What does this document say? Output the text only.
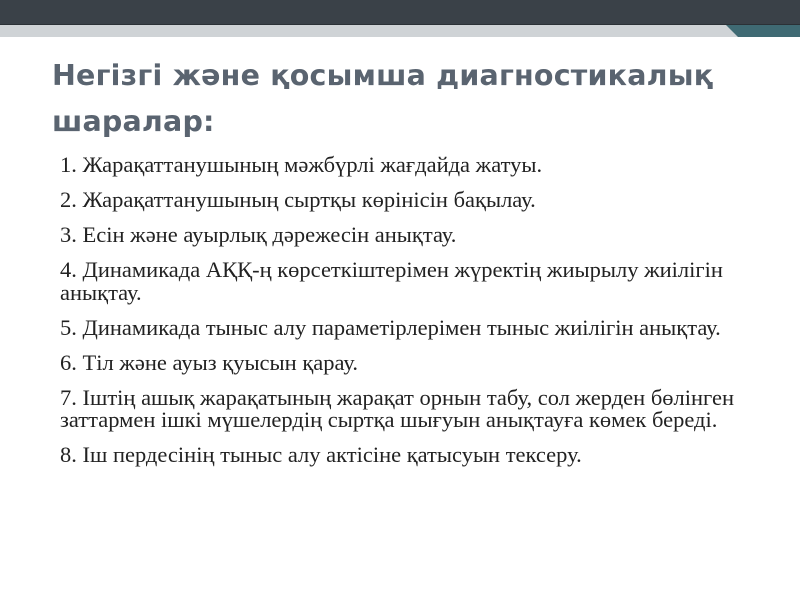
Негізгі және қосымша диагностикалық шаралар:
1. Жарақаттанушының мәжбүрлі жағдайда жатуы.
2. Жарақаттанушының сыртқы көрінісін бақылау.
3. Есін және ауырлық дәрежесін анықтау.
4. Динамикада АҚҚ-ң көрсеткіштерімен жүректің жиырылу жиілігін анықтау.
5. Динамикада тыныс алу параметірлерімен тыныс жиілігін анықтау.
6. Тіл және ауыз қуысын қарау.
7. Іштің ашық жарақатының жарақат орнын табу, сол жерден бөлінген заттармен ішкі мүшелердің сыртқа шығуын анықтауға көмек береді.
8. Іш пердесінің тыныс алу актісіне қатысуын тексеру.
